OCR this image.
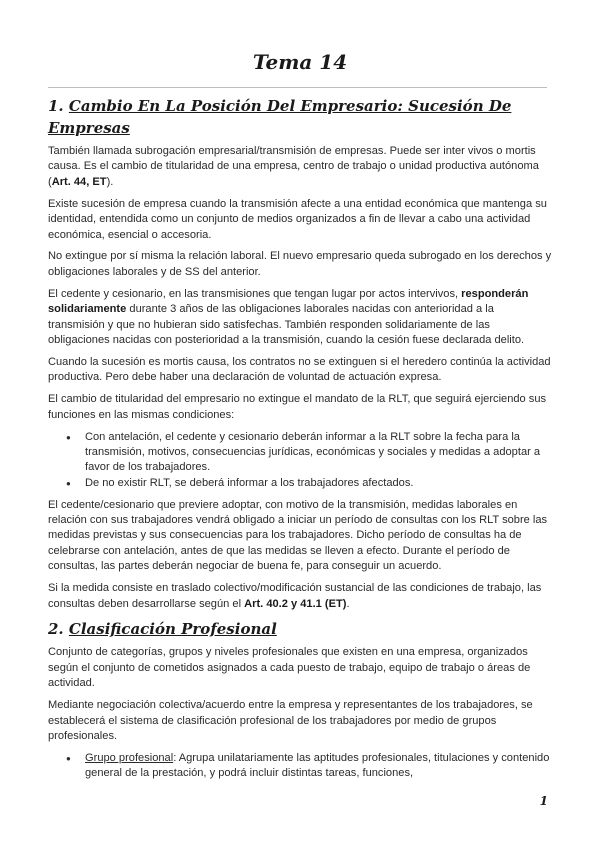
Tema 14
1. Cambio En La Posición Del Empresario: Sucesión De Empresas

También llamada subrogación empresarial/transmisión de empresas. Puede ser inter vivos o mortis causa. Es el cambio de titularidad de una empresa, centro de trabajo o unidad productiva autónoma (Art. 44, ET).

Existe sucesión de empresa cuando la transmisión afecte a una entidad económica que mantenga su identidad, entendida como un conjunto de medios organizados a fin de llevar a cabo una actividad económica, esencial o accesoria.

No extingue por sí misma la relación laboral. El nuevo empresario queda subrogado en los derechos y obligaciones laborales y de SS del anterior.

El cedente y cesionario, en las transmisiones que tengan lugar por actos intervivos, responderán solidariamente durante 3 años de las obligaciones laborales nacidas con anterioridad a la transmisión y que no hubieran sido satisfechas. También responden solidariamente de las obligaciones nacidas con posterioridad a la transmisión, cuando la cesión fuese declarada delito.

Cuando la sucesión es mortis causa, los contratos no se extinguen si el heredero continúa la actividad productiva. Pero debe haber una declaración de voluntad de actuación expresa.

El cambio de titularidad del empresario no extingue el mandato de la RLT, que seguirá ejerciendo sus funciones en las mismas condiciones:

● Con antelación, el cedente y cesionario deberán informar a la RLT sobre la fecha para la transmisión, motivos, consecuencias jurídicas, económicas y sociales y medidas a adoptar a favor de los trabajadores.
● De no existir RLT, se deberá informar a los trabajadores afectados.

El cedente/cesionario que previere adoptar, con motivo de la transmisión, medidas laborales en relación con sus trabajadores vendrá obligado a iniciar un período de consultas con los RLT sobre las medidas previstas y sus consecuencias para los trabajadores. Dicho período de consultas ha de celebrarse con antelación, antes de que las medidas se lleven a efecto. Durante el período de consultas, las partes deberán negociar de buena fe, para conseguir un acuerdo.

Si la medida consiste en traslado colectivo/modificación sustancial de las condiciones de trabajo, las consultas deben desarrollarse según el Art. 40.2 y 41.1 (ET).

2. Clasificación Profesional

Conjunto de categorías, grupos y niveles profesionales que existen en una empresa, organizados según el conjunto de cometidos asignados a cada puesto de trabajo, equipo de trabajo o áreas de actividad.

Mediante negociación colectiva/acuerdo entre la empresa y representantes de los trabajadores, se establecerá el sistema de clasificación profesional de los trabajadores por medio de grupos profesionales.

● Grupo profesional: Agrupa unilatariamente las aptitudes profesionales, titulaciones y contenido general de la prestación, y podrá incluir distintas tareas, funciones,
1
